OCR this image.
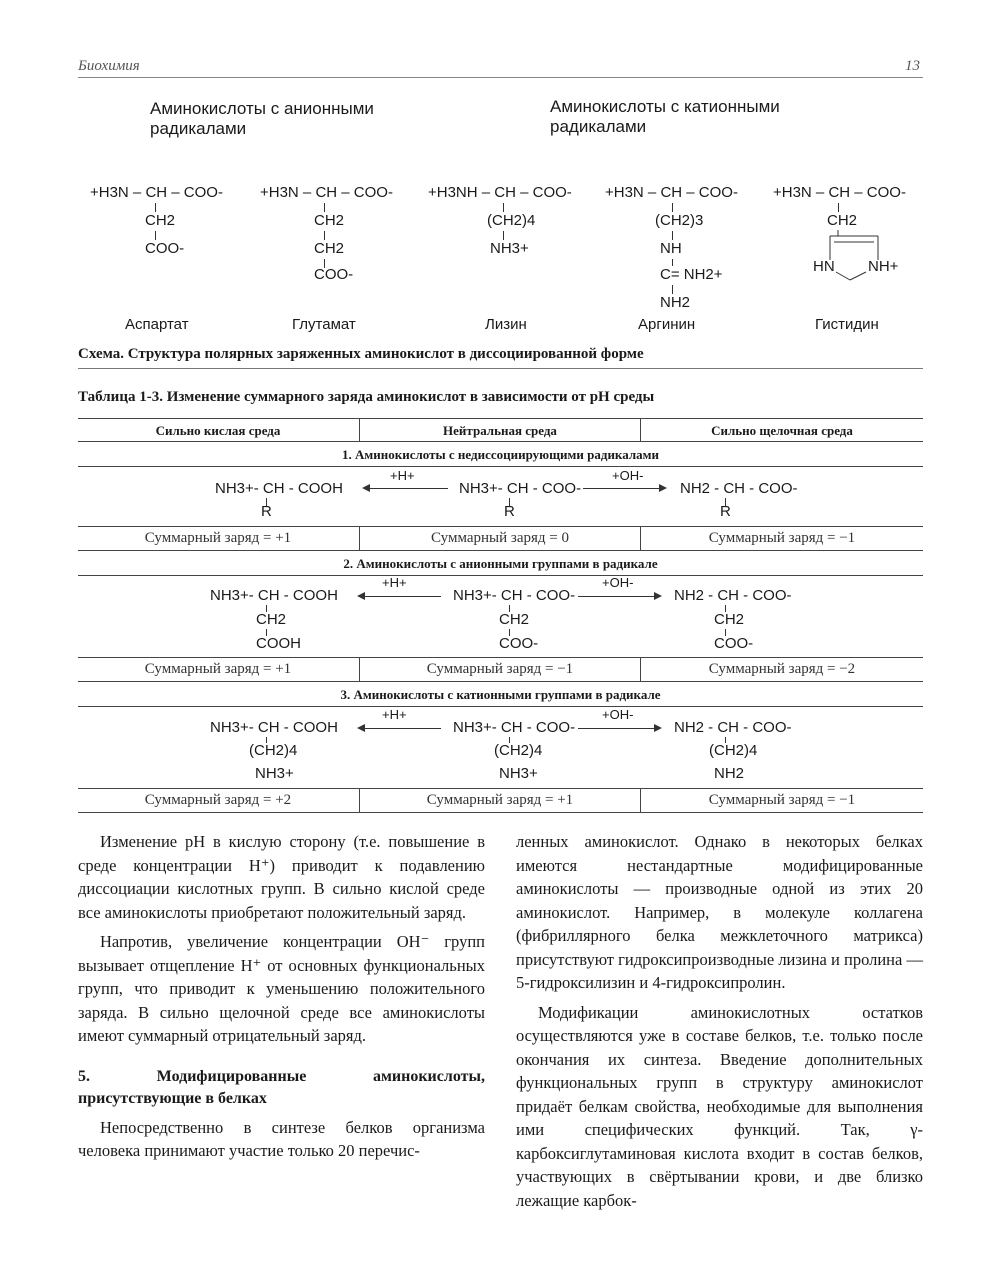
Биохимия	13
Аминокислоты с анионными радикалами
Аминокислоты с катионными радикалами
+H3N – CH – COO-
CH2
COO-
Аспартат
+H3N – CH – COO-
CH2
CH2
COO-
Глутамат
+H3NH – CH – COO-
(CH2)4
NH3+
Лизин
+H3N – CH – COO-
(CH2)3
NH
C= NH2+
NH2
Аргинин
+H3N – CH – COO-
CH2
HN NH+
Гистидин
Схема. Структура полярных заряженных аминокислот в диссоциированной форме
Таблица 1-3. Изменение суммарного заряда аминокислот в зависимости от pH среды
Сильно кислая среда	Нейтральная среда	Сильно щелочная среда
1. Аминокислоты с недиссоциирующими радикалами
NH3+- CH - COOH
R
+H+
NH3+- CH - COO-
R
+OH-
NH2 - CH - COO-
R
Суммарный заряд = +1	Суммарный заряд = 0	Суммарный заряд = −1
2. Аминокислоты с анионными группами в радикале
NH3+- CH - COOH
CH2
COOH
+H+
NH3+- CH - COO-
CH2
COO-
+OH-
NH2 - CH - COO-
CH2
COO-
Суммарный заряд = +1	Суммарный заряд = −1	Суммарный заряд = −2
3. Аминокислоты с катионными группами в радикале
NH3+- CH - COOH
(CH2)4
NH3+
+H+
NH3+- CH - COO-
(CH2)4
NH3+
+OH-
NH2 - CH - COO-
(CH2)4
NH2
Суммарный заряд = +2	Суммарный заряд = +1	Суммарный заряд = −1

Изменение pH в кислую сторону (т.е. повышение в среде концентрации H⁺) приводит к подавлению диссоциации кислотных групп. В сильно кислой среде все аминокислоты приобретают положительный заряд.

Напротив, увеличение концентрации OH⁻ групп вызывает отщепление H⁺ от основных функциональных групп, что приводит к уменьшению положительного заряда. В сильно щелочной среде все аминокислоты имеют суммарный отрицательный заряд.

5. Модифицированные аминокислоты, присутствующие в белках

Непосредственно в синтезе белков организма человека принимают участие только 20 перечис-

ленных аминокислот. Однако в некоторых белках имеются нестандартные модифицированные аминокислоты — производные одной из этих 20 аминокислот. Например, в молекуле коллагена (фибриллярного белка межклеточного матрикса) присутствуют гидроксипроизводные лизина и пролина — 5-гидроксилизин и 4-гидроксипролин.

Модификации аминокислотных остатков осуществляются уже в составе белков, т.е. только после окончания их синтеза. Введение дополнительных функциональных групп в структуру аминокислот придаёт белкам свойства, необходимые для выполнения ими специфических функций. Так, γ-карбоксиглутаминовая кислота входит в состав белков, участвующих в свёртывании крови, и две близко лежащие карбок-
